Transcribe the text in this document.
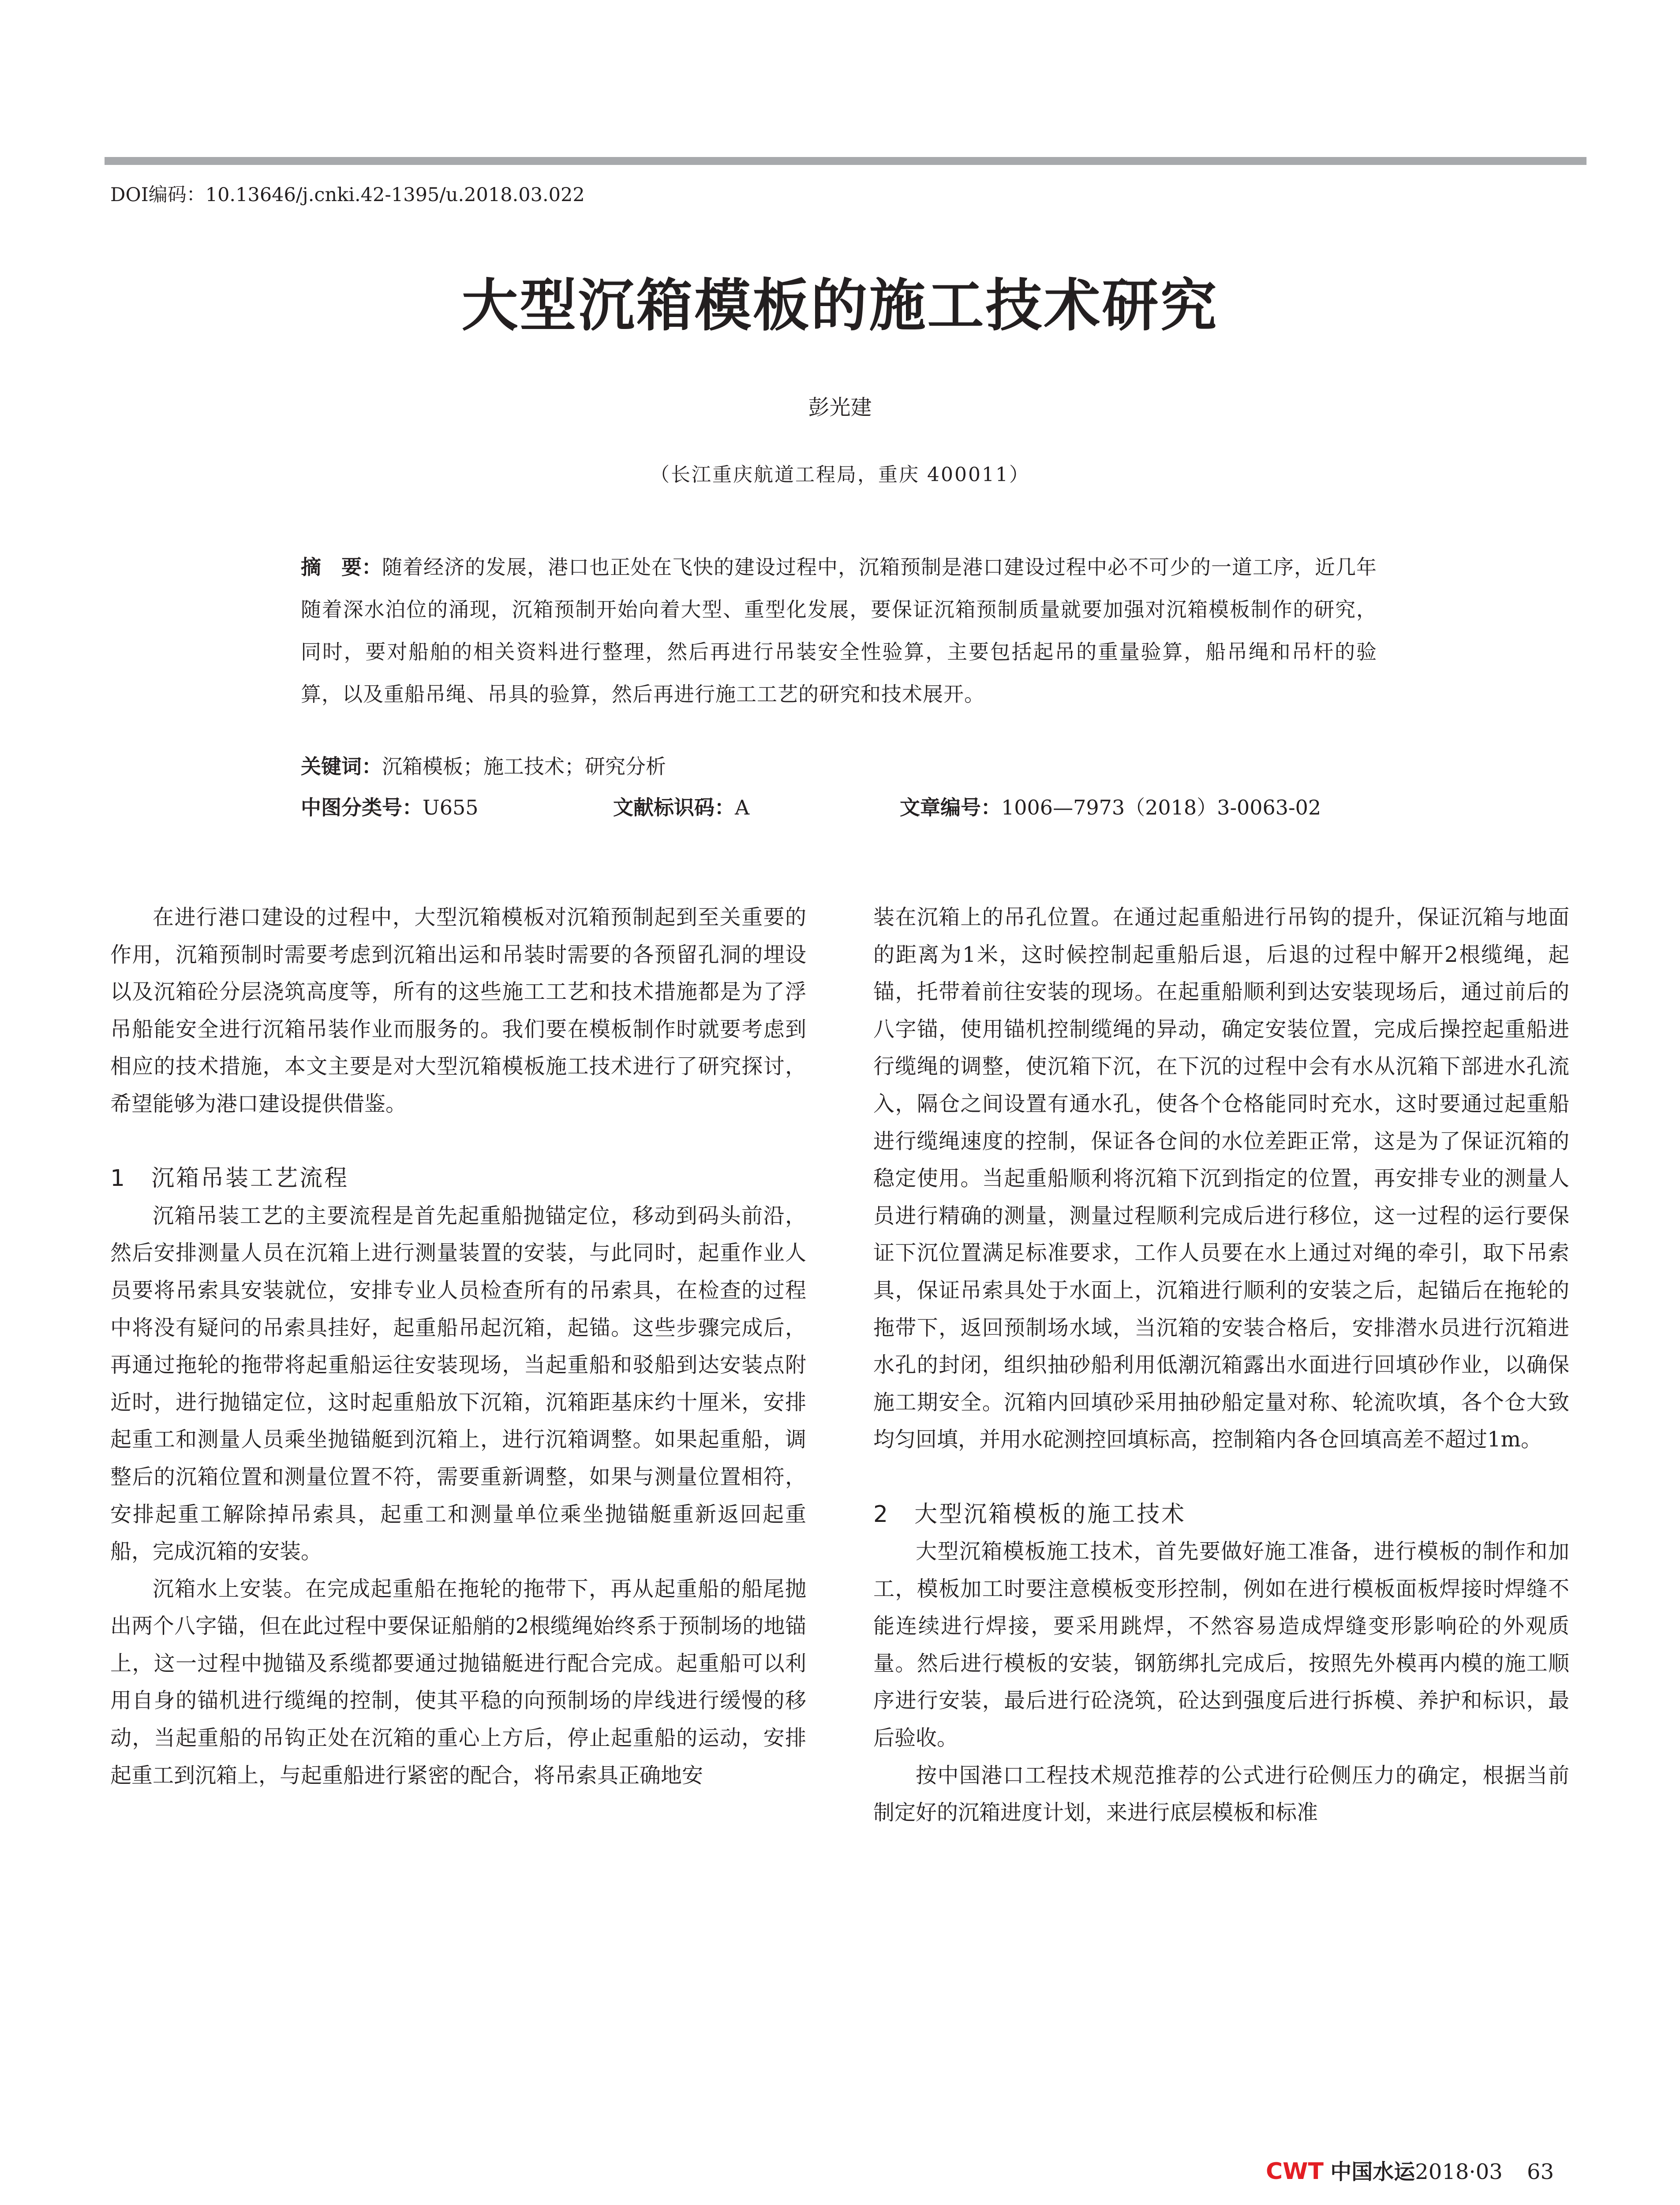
DOI编码：10.13646/j.cnki.42-1395/u.2018.03.022
大型沉箱模板的施工技术研究
彭光建
（长江重庆航道工程局，重庆 400011）
摘　要：随着经济的发展，港口也正处在飞快的建设过程中，沉箱预制是港口建设过程中必不可少的一道工序，近几年随着深水泊位的涌现，沉箱预制开始向着大型、重型化发展，要保证沉箱预制质量就要加强对沉箱模板制作的研究，同时，要对船舶的相关资料进行整理，然后再进行吊装安全性验算，主要包括起吊的重量验算，船吊绳和吊杆的验算，以及重船吊绳、吊具的验算，然后再进行施工工艺的研究和技术展开。
关键词：沉箱模板；施工技术；研究分析
中图分类号：U655	文献标识码：A	文章编号：1006—7973（2018）3-0063-02

在进行港口建设的过程中，大型沉箱模板对沉箱预制起到至关重要的作用，沉箱预制时需要考虑到沉箱出运和吊装时需要的各预留孔洞的埋设以及沉箱砼分层浇筑高度等，所有的这些施工工艺和技术措施都是为了浮吊船能安全进行沉箱吊装作业而服务的。我们要在模板制作时就要考虑到相应的技术措施，本文主要是对大型沉箱模板施工技术进行了研究探讨，希望能够为港口建设提供借鉴。

1　沉箱吊装工艺流程

沉箱吊装工艺的主要流程是首先起重船抛锚定位，移动到码头前沿，然后安排测量人员在沉箱上进行测量装置的安装，与此同时，起重作业人员要将吊索具安装就位，安排专业人员检查所有的吊索具，在检查的过程中将没有疑问的吊索具挂好，起重船吊起沉箱，起锚。这些步骤完成后，再通过拖轮的拖带将起重船运往安装现场，当起重船和驳船到达安装点附近时，进行抛锚定位，这时起重船放下沉箱，沉箱距基床约十厘米，安排起重工和测量人员乘坐抛锚艇到沉箱上，进行沉箱调整。如果起重船，调整后的沉箱位置和测量位置不符，需要重新调整，如果与测量位置相符，安排起重工解除掉吊索具，起重工和测量单位乘坐抛锚艇重新返回起重船，完成沉箱的安装。

沉箱水上安装。在完成起重船在拖轮的拖带下，再从起重船的船尾抛出两个八字锚，但在此过程中要保证船艄的2根缆绳始终系于预制场的地锚上，这一过程中抛锚及系缆都要通过抛锚艇进行配合完成。起重船可以利用自身的锚机进行缆绳的控制，使其平稳的向预制场的岸线进行缓慢的移动，当起重船的吊钩正处在沉箱的重心上方后，停止起重船的运动，安排起重工到沉箱上，与起重船进行紧密的配合，将吊索具正确地安

装在沉箱上的吊孔位置。在通过起重船进行吊钩的提升，保证沉箱与地面的距离为1米，这时候控制起重船后退，后退的过程中解开2根缆绳，起锚，托带着前往安装的现场。在起重船顺利到达安装现场后，通过前后的八字锚，使用锚机控制缆绳的异动，确定安装位置，完成后操控起重船进行缆绳的调整，使沉箱下沉，在下沉的过程中会有水从沉箱下部进水孔流入，隔仓之间设置有通水孔，使各个仓格能同时充水，这时要通过起重船进行缆绳速度的控制，保证各仓间的水位差距正常，这是为了保证沉箱的稳定使用。当起重船顺利将沉箱下沉到指定的位置，再安排专业的测量人员进行精确的测量，测量过程顺利完成后进行移位，这一过程的运行要保证下沉位置满足标准要求，工作人员要在水上通过对绳的牵引，取下吊索具，保证吊索具处于水面上，沉箱进行顺利的安装之后，起锚后在拖轮的拖带下，返回预制场水域，当沉箱的安装合格后，安排潜水员进行沉箱进水孔的封闭，组织抽砂船利用低潮沉箱露出水面进行回填砂作业，以确保施工期安全。沉箱内回填砂采用抽砂船定量对称、轮流吹填，各个仓大致均匀回填，并用水砣测控回填标高，控制箱内各仓回填高差不超过1m。

2　大型沉箱模板的施工技术

大型沉箱模板施工技术，首先要做好施工准备，进行模板的制作和加工，模板加工时要注意模板变形控制，例如在进行模板面板焊接时焊缝不能连续进行焊接，要采用跳焊，不然容易造成焊缝变形影响砼的外观质量。然后进行模板的安装，钢筋绑扎完成后，按照先外模再内模的施工顺序进行安装，最后进行砼浇筑，砼达到强度后进行拆模、养护和标识，最后验收。

按中国港口工程技术规范推荐的公式进行砼侧压力的确定，根据当前制定好的沉箱进度计划，来进行底层模板和标准

CWT 中国水运2018·03 63
